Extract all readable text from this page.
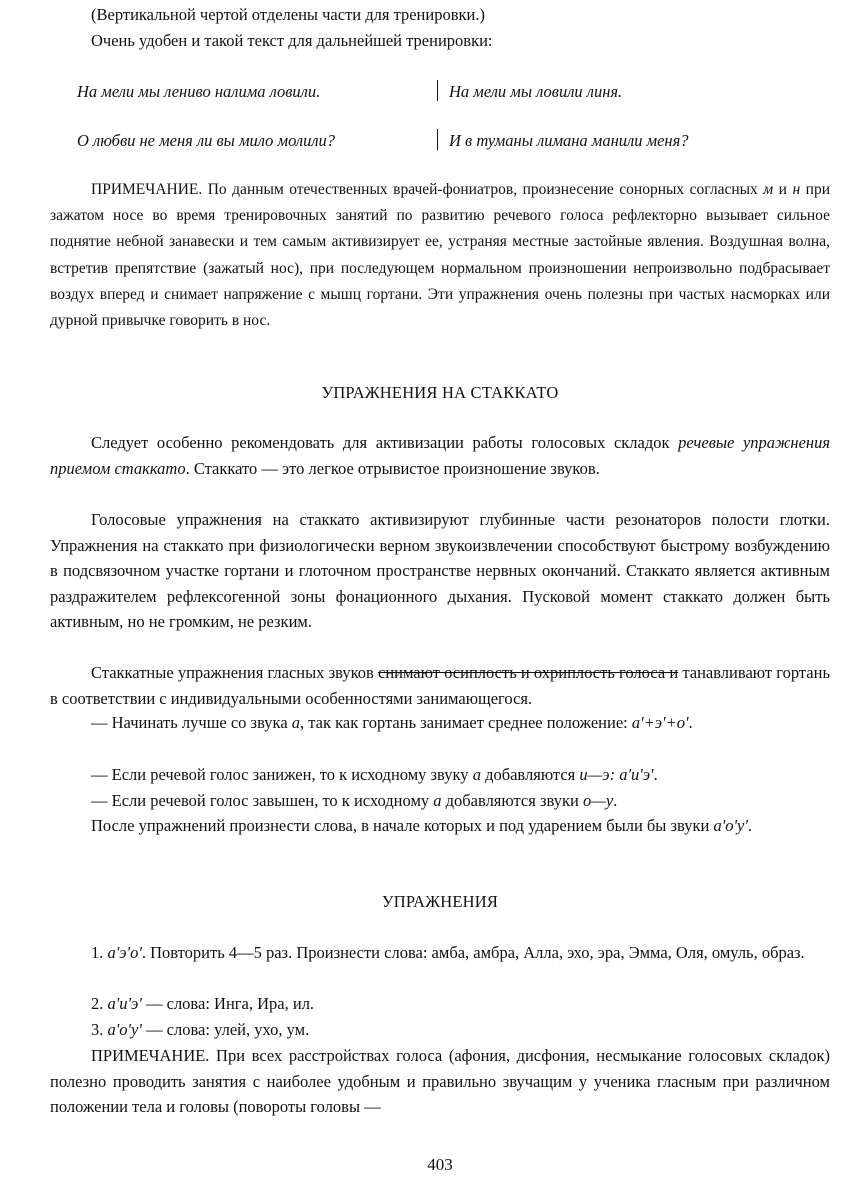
(Вертикальной чертой отделены части для тренировки.)

Очень удобен и такой текст для дальнейшей тренировки:

На мели мы лениво налима ловили.	На мели мы ловили линя.
О любви не меня ли вы мило молили?	И в туманы лимана манили меня?

ПРИМЕЧАНИЕ. По данным отечественных врачей-фониатров, произнесение сонорных согласных м и н при зажатом носе во время тренировочных занятий по развитию речевого голоса рефлекторно вызывает сильное поднятие небной занавески и тем самым активизирует ее, устраняя местные застойные явления. Воздушная волна, встретив препятствие (зажатый нос), при последующем нормальном произношении непроизвольно подбрасывает воздух вперед и снимает напряжение с мышц гортани. Эти упражнения очень полезны при частых насморках или дурной привычке говорить в нос.

УПРАЖНЕНИЯ НА СТАККАТО

Следует особенно рекомендовать для активизации работы голосовых складок речевые упражнения приемом стаккато. Стаккато — это легкое отрывистое произношение звуков.

Голосовые упражнения на стаккато активизируют глубинные части резонаторов полости глотки. Упражнения на стаккато при физиологически верном звукоизвлечении способствуют быстрому возбуждению в подсвязочном участке гортани и глоточном пространстве нервных окончаний. Стаккато является активным раздражителем рефлексогенной зоны фонационного дыхания. Пусковой момент стаккато должен быть активным, но не громким, не резким.

Стаккатные упражнения гласных звуков снимают осиплость и охриплость голоса и танавливают гортань в соответствии с индивидуальными особенностями занимающегося.

— Начинать лучше со звука а, так как гортань занимает среднее положение: а'+э'+о'.

— Если речевой голос занижен, то к исходному звуку а добавляются и—э: а'и'э'.

— Если речевой голос завышен, то к исходному а добавляются звуки о—у.

После упражнений произнести слова, в начале которых и под ударением были бы звуки а'о'у'.

УПРАЖНЕНИЯ

1. а'э'о'. Повторить 4—5 раз. Произнести слова: амба, амбра, Алла, эхо, эра, Эмма, Оля, омуль, образ.

2. а'и'э' — слова: Инга, Ира, ил.

3. а'о'у' — слова: улей, ухо, ум.

ПРИМЕЧАНИЕ. При всех расстройствах голоса (афония, дисфония, несмыкание голосовых складок) полезно проводить занятия с наиболее удобным и правильно звучащим у ученика гласным при различном положении тела и головы (повороты головы —

403
